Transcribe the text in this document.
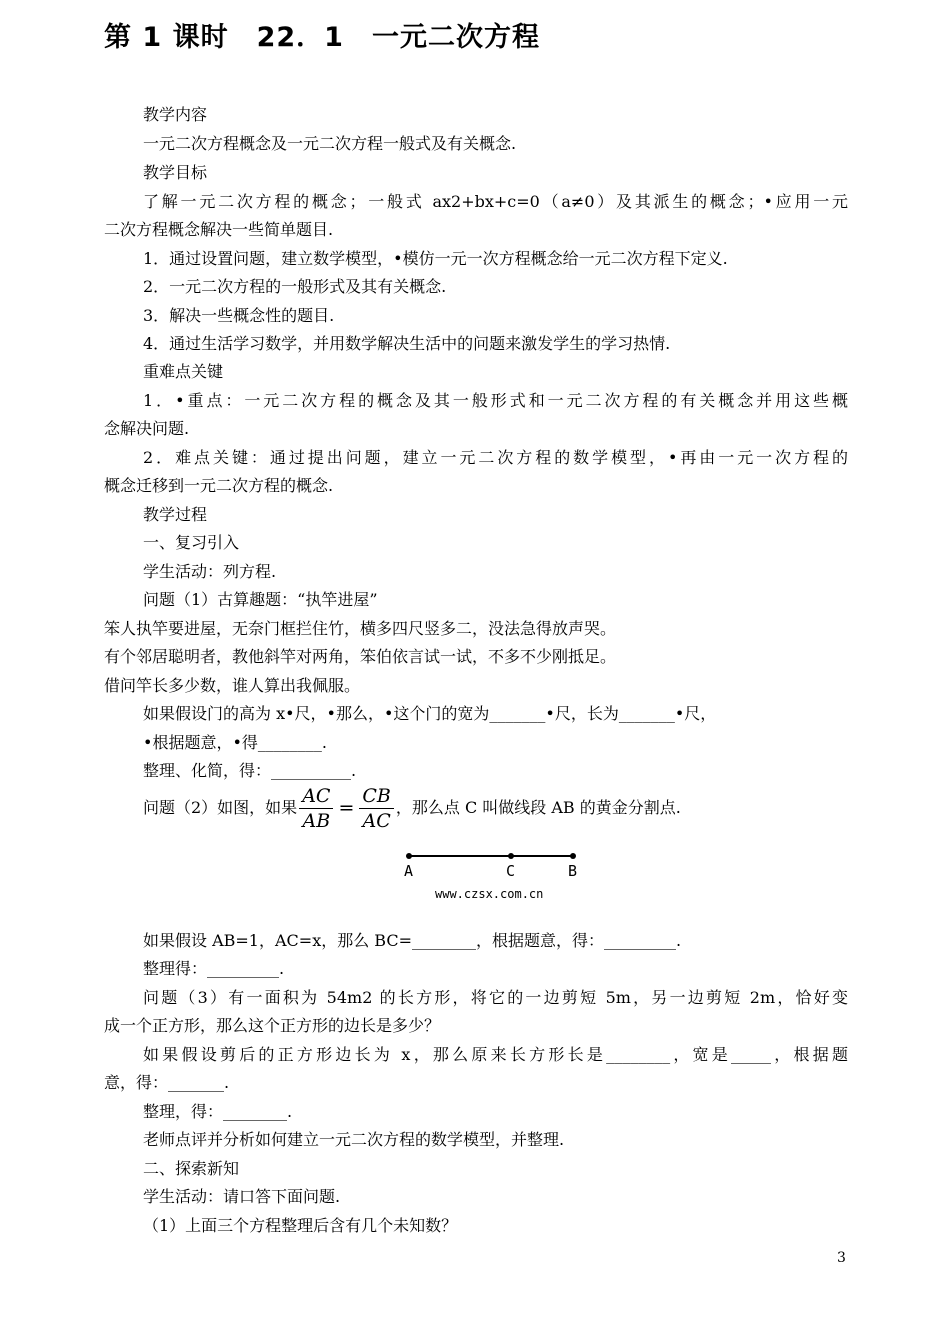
第 1 课时　22．1　一元二次方程
教学内容
一元二次方程概念及一元二次方程一般式及有关概念.
教学目标
了解一元二次方程的概念；一般式 ax2+bx+c=0（a≠0）及其派生的概念；•应用一元
二次方程概念解决一些简单题目.
1．通过设置问题，建立数学模型，•模仿一元一次方程概念给一元二次方程下定义.
2．一元二次方程的一般形式及其有关概念.
3．解决一些概念性的题目.
4．通过生活学习数学，并用数学解决生活中的问题来激发学生的学习热情.
重难点关键
1．•重点：一元二次方程的概念及其一般形式和一元二次方程的有关概念并用这些概
念解决问题.
2．难点关键：通过提出问题，建立一元二次方程的数学模型，•再由一元一次方程的
概念迁移到一元二次方程的概念.
教学过程
一、复习引入
学生活动：列方程.
问题（1）古算趣题：“执竿进屋”
笨人执竿要进屋，无奈门框拦住竹，横多四尺竖多二，没法急得放声哭。
有个邻居聪明者，教他斜竿对两角，笨伯依言试一试，不多不少刚抵足。
借问竿长多少数，谁人算出我佩服。
如果假设门的高为 x•尺，•那么，•这个门的宽为_______•尺，长为_______•尺，
•根据题意，•得________.
整理、化简，得：__________.
问题（2）如图，如果 $\frac{AC}{AB} = \frac{CB}{AC}$ ，那么点 C 叫做线段 AB 的黄金分割点.
A	C	B
www.czsx.com.cn
如果假设 AB=1，AC=x，那么 BC=________，根据题意，得：_________.
整理得：_________.
问题（3）有一面积为 54m2 的长方形，将它的一边剪短 5m，另一边剪短 2m，恰好变
成一个正方形，那么这个正方形的边长是多少？
如果假设剪后的正方形边长为 x，那么原来长方形长是________，宽是_____，根据题
意，得：_______.
整理，得：________.
老师点评并分析如何建立一元二次方程的数学模型，并整理.
二、探索新知
学生活动：请口答下面问题.
（1）上面三个方程整理后含有几个未知数？
3
